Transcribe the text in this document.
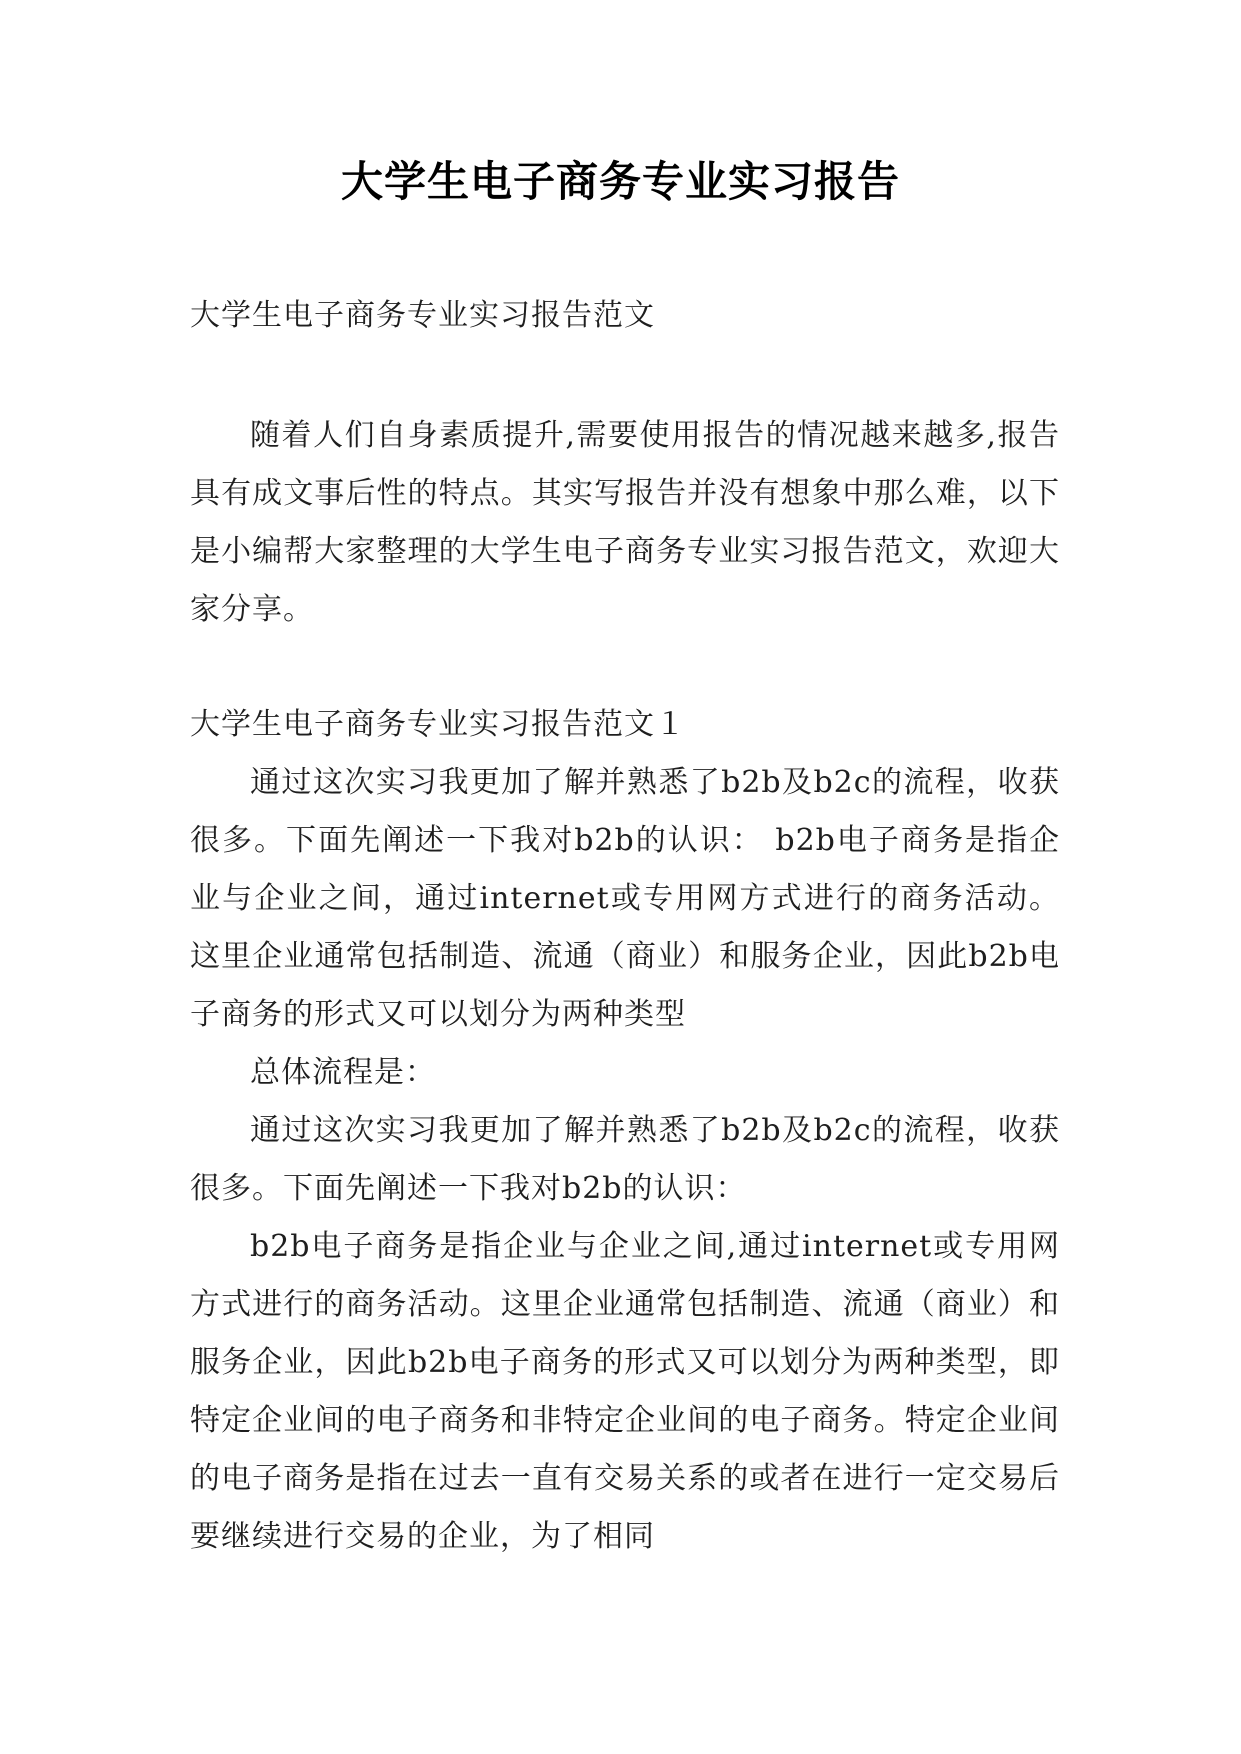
大学生电子商务专业实习报告
大学生电子商务专业实习报告范文

随着人们自身素质提升,需要使用报告的情况越来越多,报告具有成文事后性的特点。其实写报告并没有想象中那么难，以下是小编帮大家整理的大学生电子商务专业实习报告范文，欢迎大家分享。

大学生电子商务专业实习报告范文１

通过这次实习我更加了解并熟悉了b2b及b2c的流程，收获很多。下面先阐述一下我对b2b的认识： b2b电子商务是指企业与企业之间，通过internet或专用网方式进行的商务活动。这里企业通常包括制造、流通（商业）和服务企业，因此b2b电子商务的形式又可以划分为两种类型

总体流程是：

通过这次实习我更加了解并熟悉了b2b及b2c的流程，收获很多。下面先阐述一下我对b2b的认识：

b2b电子商务是指企业与企业之间,通过internet或专用网方式进行的商务活动。这里企业通常包括制造、流通（商业）和服务企业，因此b2b电子商务的形式又可以划分为两种类型，即特定企业间的电子商务和非特定企业间的电子商务。特定企业间的电子商务是指在过去一直有交易关系的或者在进行一定交易后要继续进行交易的企业，为了相同
